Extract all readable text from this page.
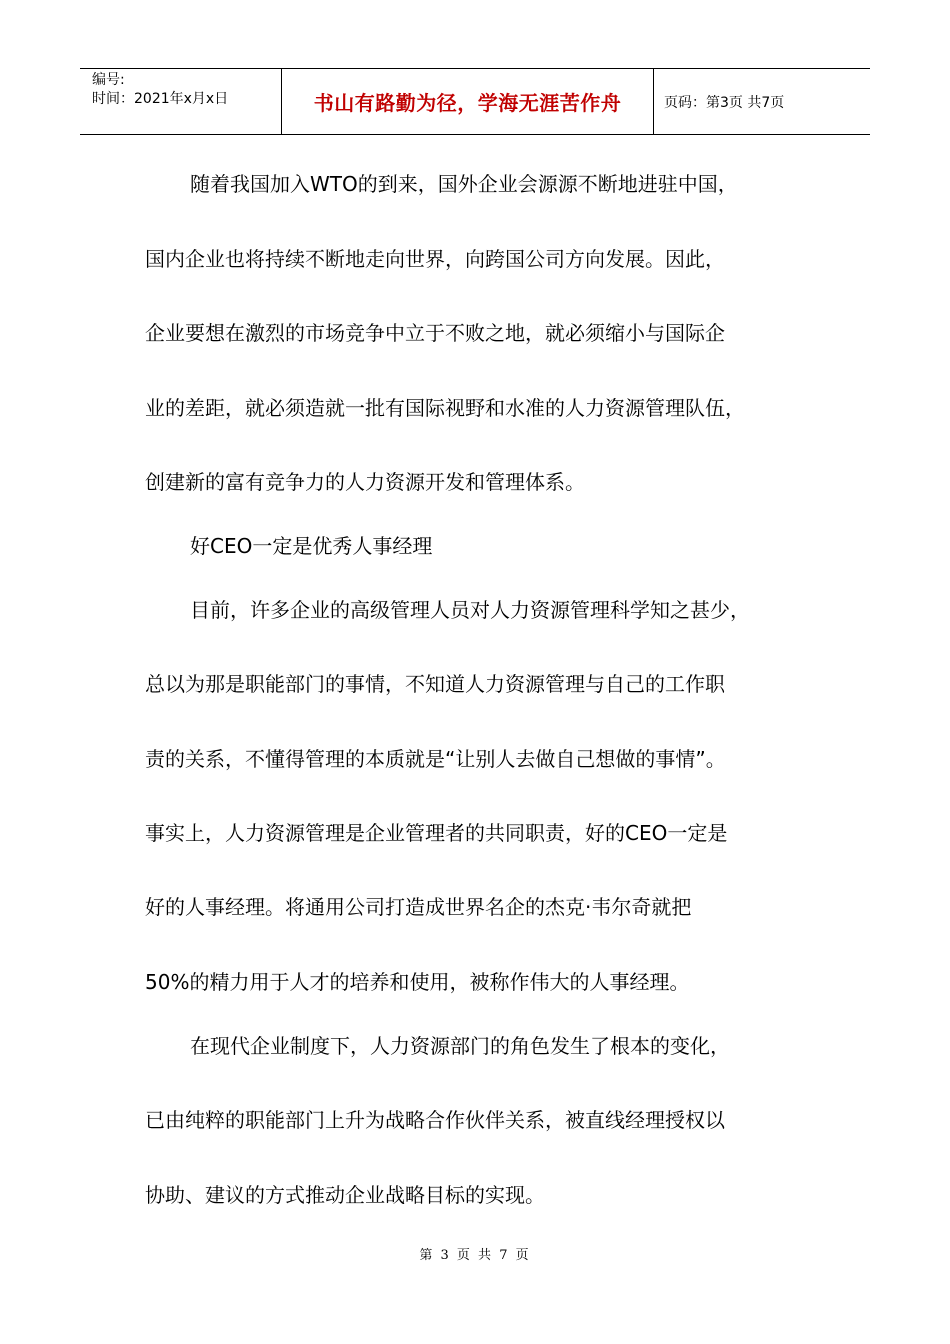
编号:
时间：2021年x月x日	书山有路勤为径，学海无涯苦作舟	页码：第3页 共7页
随着我国加入WTO的到来，国外企业会源源不断地进驻中国，
国内企业也将持续不断地走向世界，向跨国公司方向发展。因此，
企业要想在激烈的市场竞争中立于不败之地，就必须缩小与国际企
业的差距，就必须造就一批有国际视野和水准的人力资源管理队伍，
创建新的富有竞争力的人力资源开发和管理体系。
好CEO一定是优秀人事经理
目前，许多企业的高级管理人员对人力资源管理科学知之甚少，
总以为那是职能部门的事情，不知道人力资源管理与自己的工作职
责的关系，不懂得管理的本质就是“让别人去做自己想做的事情”。
事实上，人力资源管理是企业管理者的共同职责，好的CEO一定是
好的人事经理。将通用公司打造成世界名企的杰克·韦尔奇就把
50%的精力用于人才的培养和使用，被称作伟大的人事经理。
在现代企业制度下，人力资源部门的角色发生了根本的变化，
已由纯粹的职能部门上升为战略合作伙伴关系，被直线经理授权以
协助、建议的方式推动企业战略目标的实现。
第 3 页 共 7 页
